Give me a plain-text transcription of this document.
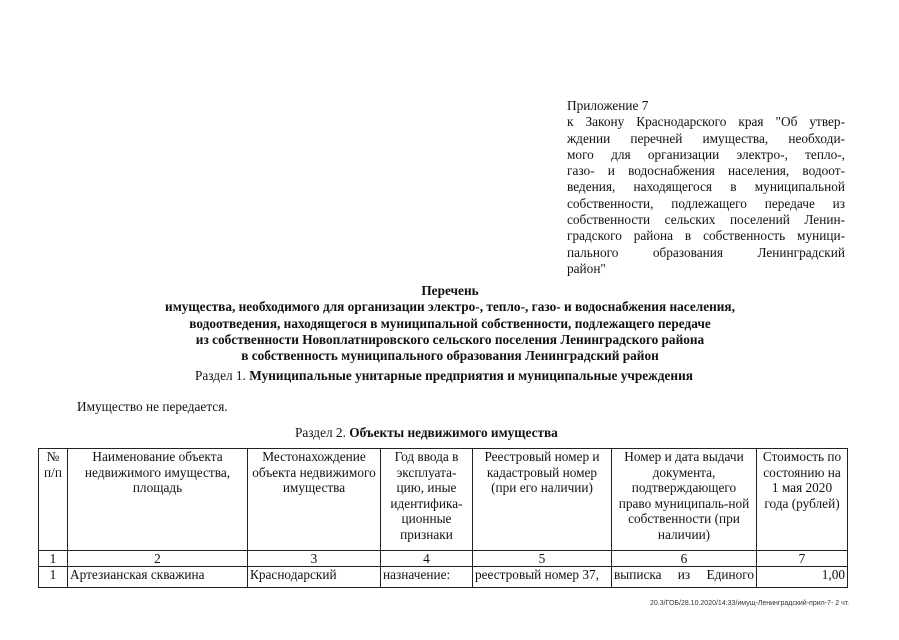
Приложение 7
к Закону Краснодарского края "Об утвер-
ждении перечней имущества, необходи-
мого для организации электро-, тепло-,
газо- и водоснабжения населения, водоот-
ведения, находящегося в муниципальной
собственности, подлежащего передаче из
собственности сельских поселений Ленин-
градского района в собственность муници-
пального образования Ленинградский
район"
Перечень
имущества, необходимого для организации электро-, тепло-, газо- и водоснабжения населения,
водоотведения, находящегося в муниципальной собственности, подлежащего передаче
из собственности Новоплатнировского сельского поселения Ленинградского района
в собственность муниципального образования Ленинградский район
Раздел 1. Муниципальные унитарные предприятия и муниципальные учреждения
Имущество не передается.
Раздел 2. Объекты недвижимого имущества
№ п/п	Наименование объекта недвижимого имущества, площадь	Местонахождение объекта недвижимого имущества	Год ввода в эксплуата-цию, иные идентифика-ционные признаки	Реестровый номер и кадастровый номер (при его наличии)	Номер и дата выдачи документа, подтверждающего право муниципаль-ной собственности (при наличии)	Стоимость по состоянию на 1 мая 2020 года (рублей)
1	2	3	4	5	6	7
1	Артезианская скважина	Краснодарский	назначение:	реестровый номер 37,	выписка из Единого	1,00
20.3/ГОБ/28.10.2020/14:33/имущ-Ленинградский-прил-7- 2 чт.
